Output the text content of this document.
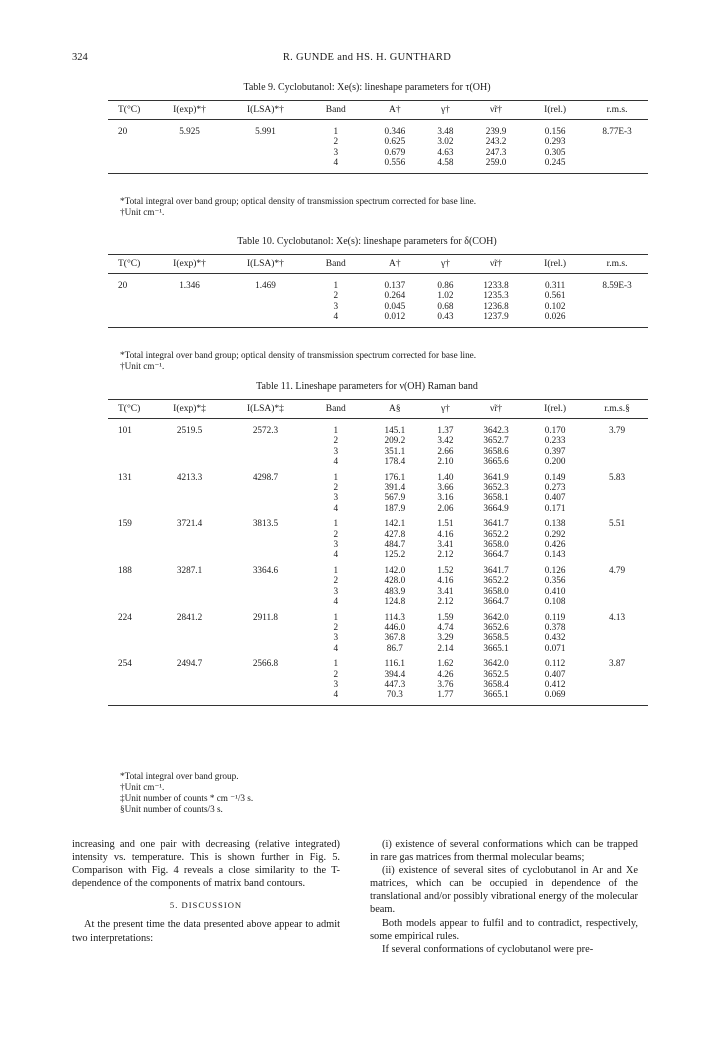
324	R. GUNDE and HS. H. GUNTHARD
Table 9. Cyclobutanol: Xe(s): lineshape parameters for τ(OH)
T(°C)	I(exp)*†	I(LSA)*†	Band	A†	γ†	ν̃r†	I(rel.)	r.m.s.
20	5.925	5.991	1	0.346	3.48	239.9	0.156	8.77E-3
			2	0.625	3.02	243.2	0.293	
			3	0.679	4.63	247.3	0.305	
			4	0.556	4.58	259.0	0.245	
*Total integral over band group; optical density of transmission spectrum corrected for base line.
†Unit cm⁻¹.
Table 10. Cyclobutanol: Xe(s): lineshape parameters for δ(COH)
T(°C)	I(exp)*†	I(LSA)*†	Band	A†	γ†	ν̃r†	I(rel.)	r.m.s.
20	1.346	1.469	1	0.137	0.86	1233.8	0.311	8.59E-3
			2	0.264	1.02	1235.3	0.561	
			3	0.045	0.68	1236.8	0.102	
			4	0.012	0.43	1237.9	0.026	
*Total integral over band group; optical density of transmission spectrum corrected for base line.
†Unit cm⁻¹.
Table 11. Lineshape parameters for ν(OH) Raman band
T(°C)	I(exp)*‡	I(LSA)*‡	Band	A§	γ†	ν̃r†	I(rel.)	r.m.s.§
101	2519.5	2572.3	1	145.1	1.37	3642.3	0.170	3.79
			2	209.2	3.42	3652.7	0.233	
			3	351.1	2.66	3658.6	0.397	
			4	178.4	2.10	3665.6	0.200	
131	4213.3	4298.7	1	176.1	1.40	3641.9	0.149	5.83
			2	391.4	3.66	3652.3	0.273	
			3	567.9	3.16	3658.1	0.407	
			4	187.9	2.06	3664.9	0.171	
159	3721.4	3813.5	1	142.1	1.51	3641.7	0.138	5.51
			2	427.8	4.16	3652.2	0.292	
			3	484.7	3.41	3658.0	0.426	
			4	125.2	2.12	3664.7	0.143	
188	3287.1	3364.6	1	142.0	1.52	3641.7	0.126	4.79
			2	428.0	4.16	3652.2	0.356	
			3	483.9	3.41	3658.0	0.410	
			4	124.8	2.12	3664.7	0.108	
224	2841.2	2911.8	1	114.3	1.59	3642.0	0.119	4.13
			2	446.0	4.74	3652.6	0.378	
			3	367.8	3.29	3658.5	0.432	
			4	86.7	2.14	3665.1	0.071	
254	2494.7	2566.8	1	116.1	1.62	3642.0	0.112	3.87
			2	394.4	4.26	3652.5	0.407	
			3	447.3	3.76	3658.4	0.412	
			4	70.3	1.77	3665.1	0.069	
*Total integral over band group.
†Unit cm⁻¹.
‡Unit number of counts * cm ⁻¹/3 s.
§Unit number of counts/3 s.

increasing and one pair with decreasing (relative integrated) intensity vs. temperature. This is shown further in Fig. 5. Comparison with Fig. 4 reveals a close similarity to the T-dependence of the components of matrix band contours.

5. DISCUSSION

At the present time the data presented above appear to admit two interpretations:

(i) existence of several conformations which can be trapped in rare gas matrices from thermal molecular beams;

(ii) existence of several sites of cyclobutanol in Ar and Xe matrices, which can be occupied in dependence of the translational and/or possibly vibrational energy of the molecular beam.

Both models appear to fulfil and to contradict, respectively, some empirical rules.

If several conformations of cyclobutanol were pre-
